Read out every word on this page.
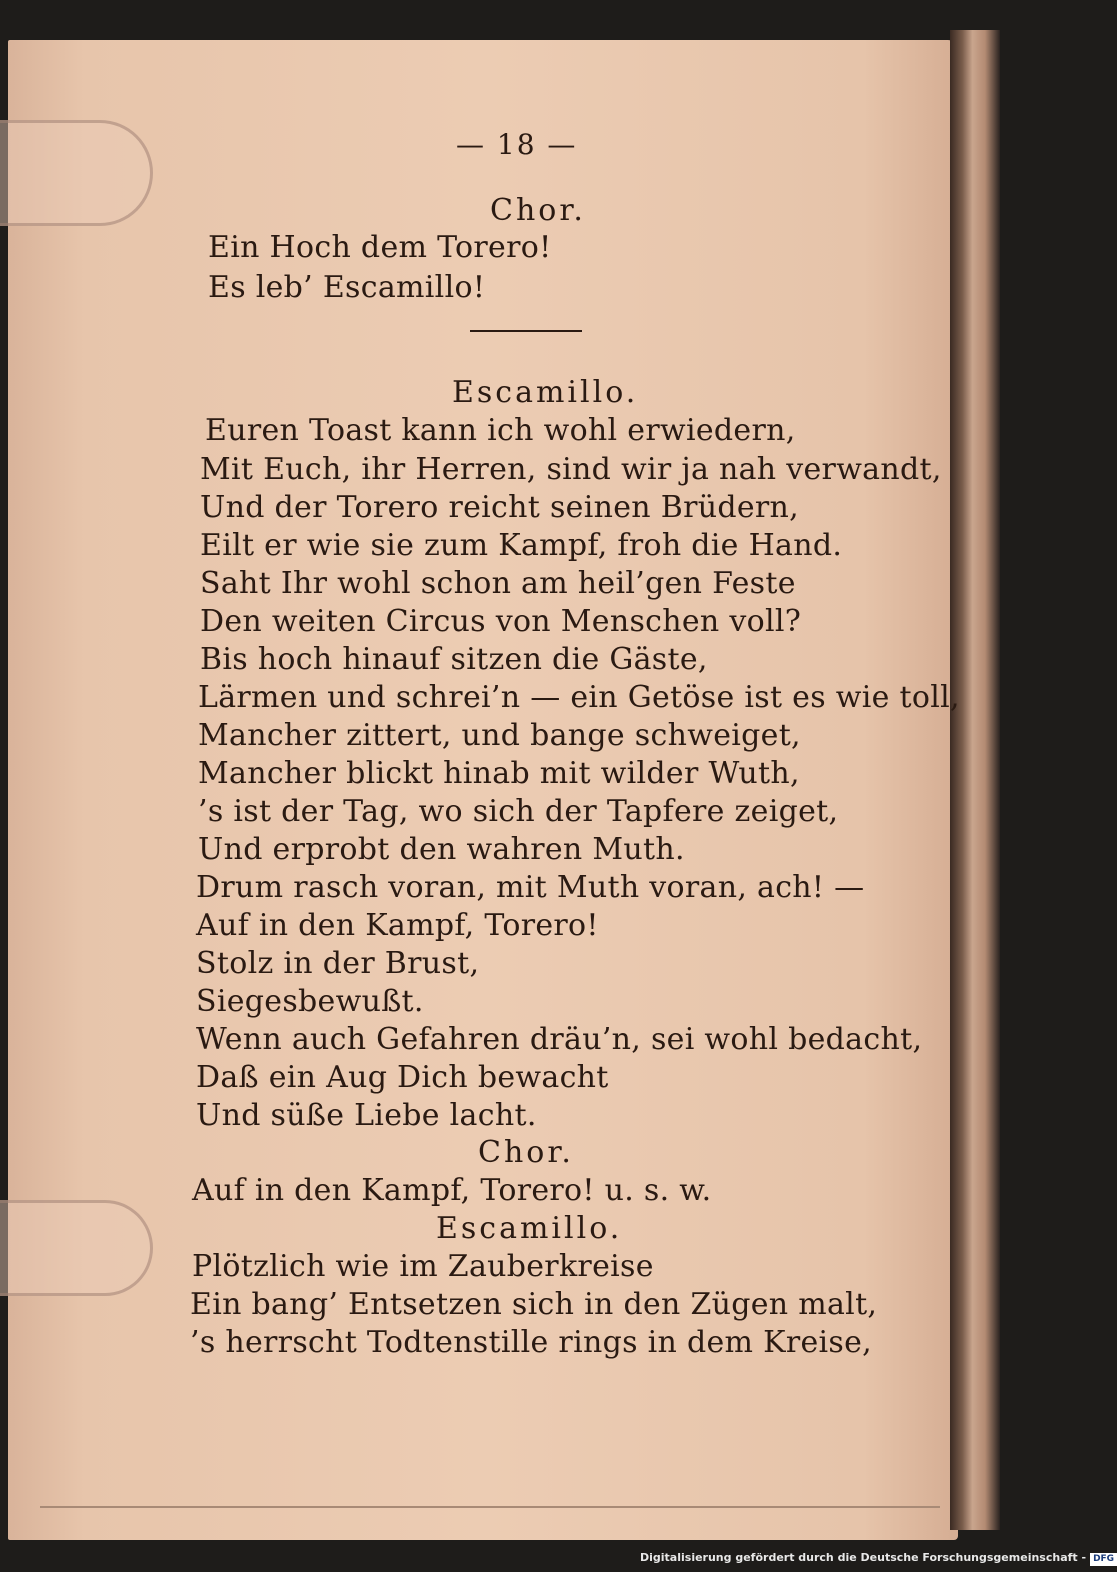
— 18 —
Chor.
Ein Hoch dem Torero!
Es leb’ Escamillo!
Escamillo.
Euren Toast kann ich wohl erwiedern,
Mit Euch, ihr Herren, sind wir ja nah verwandt,
Und der Torero reicht seinen Brüdern,
Eilt er wie sie zum Kampf, froh die Hand.
Saht Ihr wohl schon am heil’gen Feste
Den weiten Circus von Menschen voll?
Bis hoch hinauf sitzen die Gäste,
Lärmen und schrei’n — ein Getöse ist es wie toll,
Mancher zittert, und bange schweiget,
Mancher blickt hinab mit wilder Wuth,
’s ist der Tag, wo sich der Tapfere zeiget,
Und erprobt den wahren Muth.
Drum rasch voran, mit Muth voran, ach! —
Auf in den Kampf, Torero!
Stolz in der Brust,
Siegesbewußt.
Wenn auch Gefahren dräu’n, sei wohl bedacht,
Daß ein Aug Dich bewacht
Und süße Liebe lacht.
Chor.
Auf in den Kampf, Torero! u. s. w.
Escamillo.
Plötzlich wie im Zauberkreise
Ein bang’ Entsetzen sich in den Zügen malt,
’s herrscht Todtenstille rings in dem Kreise,
Digitalisierung gefördert durch die Deutsche Forschungsgemeinschaft - DFG
